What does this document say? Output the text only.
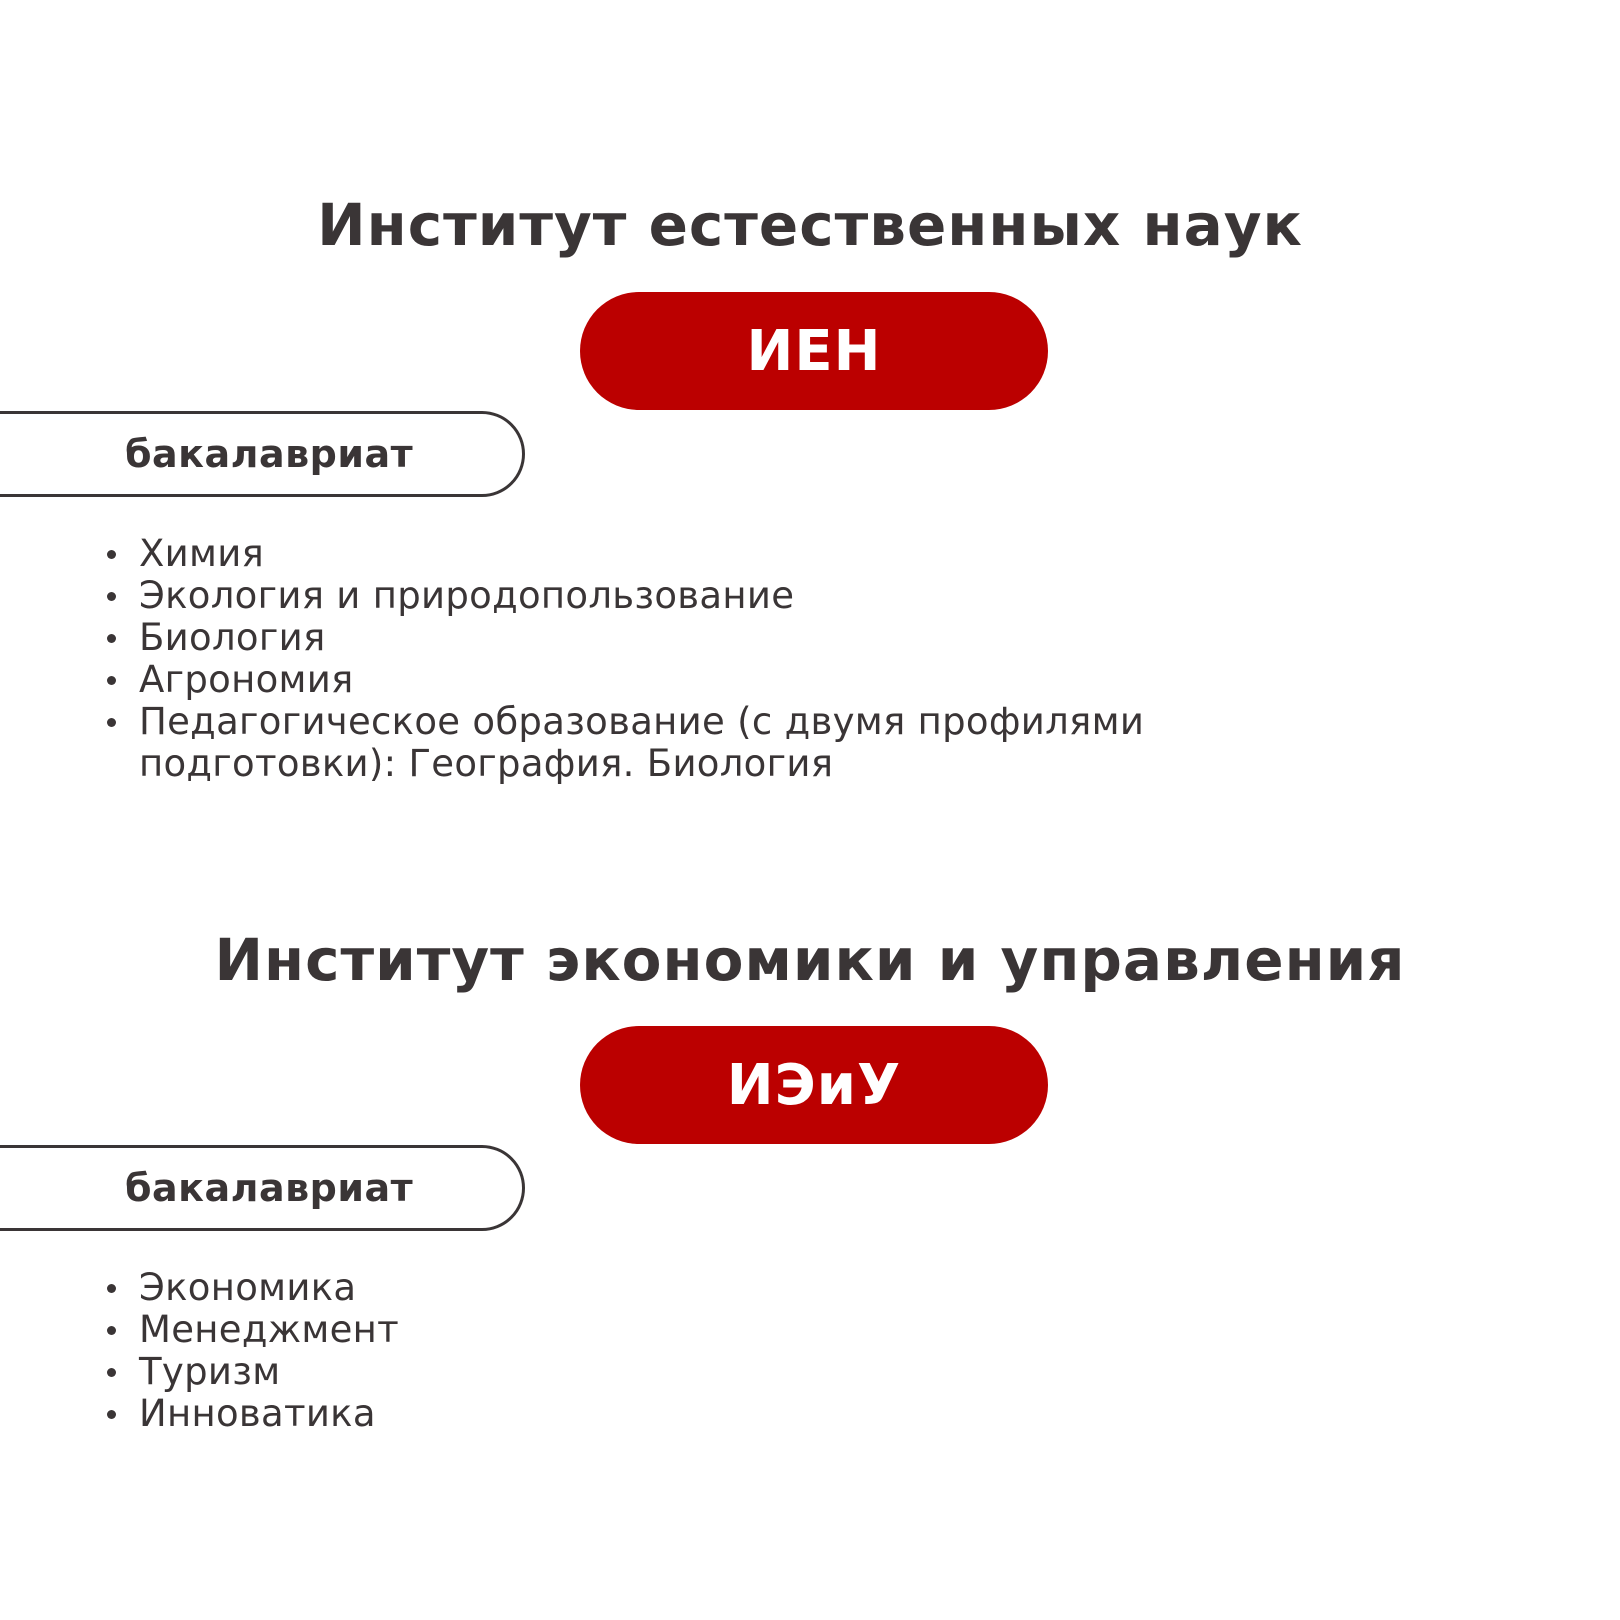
Институт естественных наук
ИЕН
бакалавриат
Химия
Экология и природопользование
Биология
Агрономия
Педагогическое образование (с двумя профилями подготовки): География. Биология
Институт экономики и управления
ИЭиУ
бакалавриат
Экономика
Менеджмент
Туризм
Инноватика
